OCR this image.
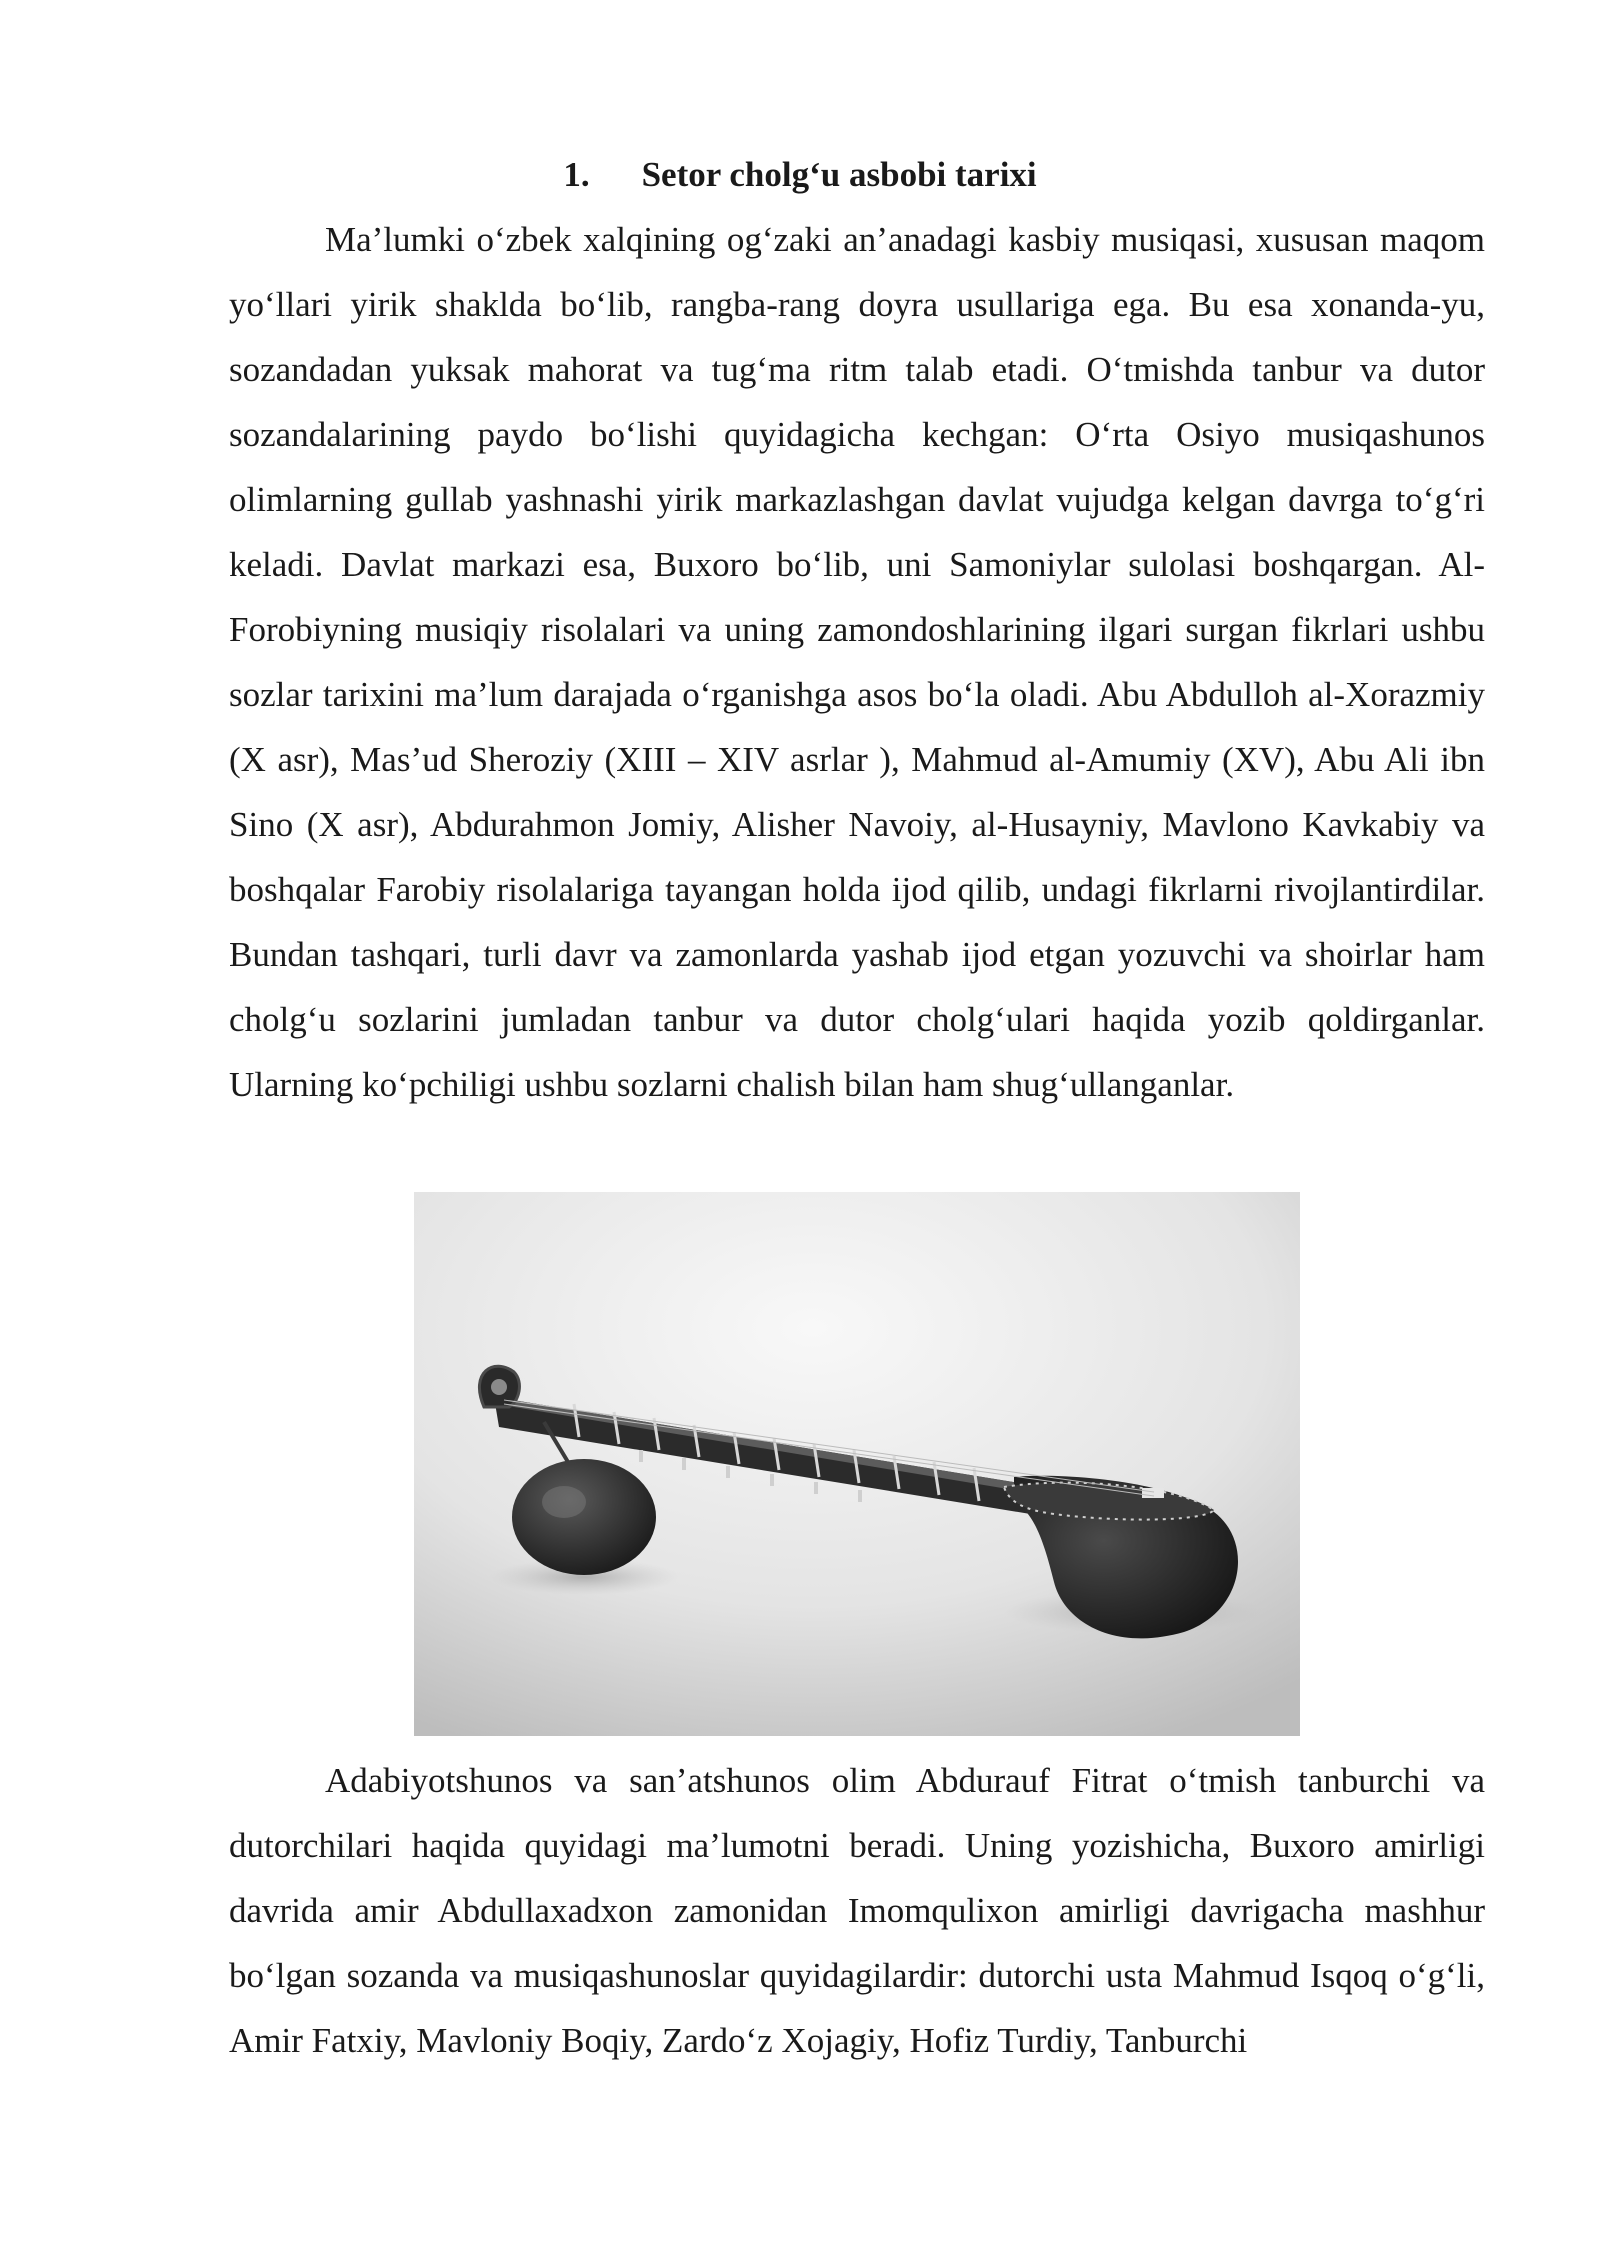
1. Setor cholg‘u asbobi tarixi

Ma’lumki o‘zbek xalqining og‘zaki an’anadagi kasbiy musiqasi, xususan maqom yo‘llari yirik shaklda bo‘lib, rangba-rang doyra usullariga ega. Bu esa xonanda-yu, sozandadan yuksak mahorat va tug‘ma ritm talab etadi. O‘tmishda tanbur va dutor sozandalarining paydo bo‘lishi quyidagicha kechgan: O‘rta Osiyo musiqashunos olimlarning gullab yashnashi yirik markazlashgan davlat vujudga kelgan davrga to‘g‘ri keladi. Davlat markazi esa, Buxoro bo‘lib, uni Samoniylar sulolasi boshqargan. Al-Forobiyning musiqiy risolalari va uning zamondoshlarining ilgari surgan fikrlari ushbu sozlar tarixini ma’lum darajada o‘rganishga asos bo‘la oladi. Abu Abdulloh al-Xorazmiy (X asr), Mas’ud Sheroziy (XIII – XIV asrlar ), Mahmud al-Amumiy (XV), Abu Ali ibn Sino (X asr), Abdurahmon Jomiy, Alisher Navoiy, al-Husayniy, Mavlono Kavkabiy va boshqalar Farobiy risolalariga tayangan holda ijod qilib, undagi fikrlarni rivojlantirdilar. Bundan tashqari, turli davr va zamonlarda yashab ijod etgan yozuvchi va shoirlar ham cholg‘u sozlarini jumladan tanbur va dutor cholg‘ulari haqida yozib qoldirganlar. Ularning ko‘pchiligi ushbu sozlarni chalish bilan ham shug‘ullanganlar.

Adabiyotshunos va san’atshunos olim Abdurauf Fitrat o‘tmish tanburchi va dutorchilari haqida quyidagi ma’lumotni beradi. Uning yozishicha, Buxoro amirligi davrida amir Abdullaxadxon zamonidan Imomqulixon amirligi davrigacha mashhur bo‘lgan sozanda va musiqashunoslar quyidagilardir: dutorchi usta Mahmud Isqoq o‘g‘li, Amir Fatxiy, Mavloniy Boqiy, Zardo‘z Xojagiy, Hofiz Turdiy, Tanburchi
